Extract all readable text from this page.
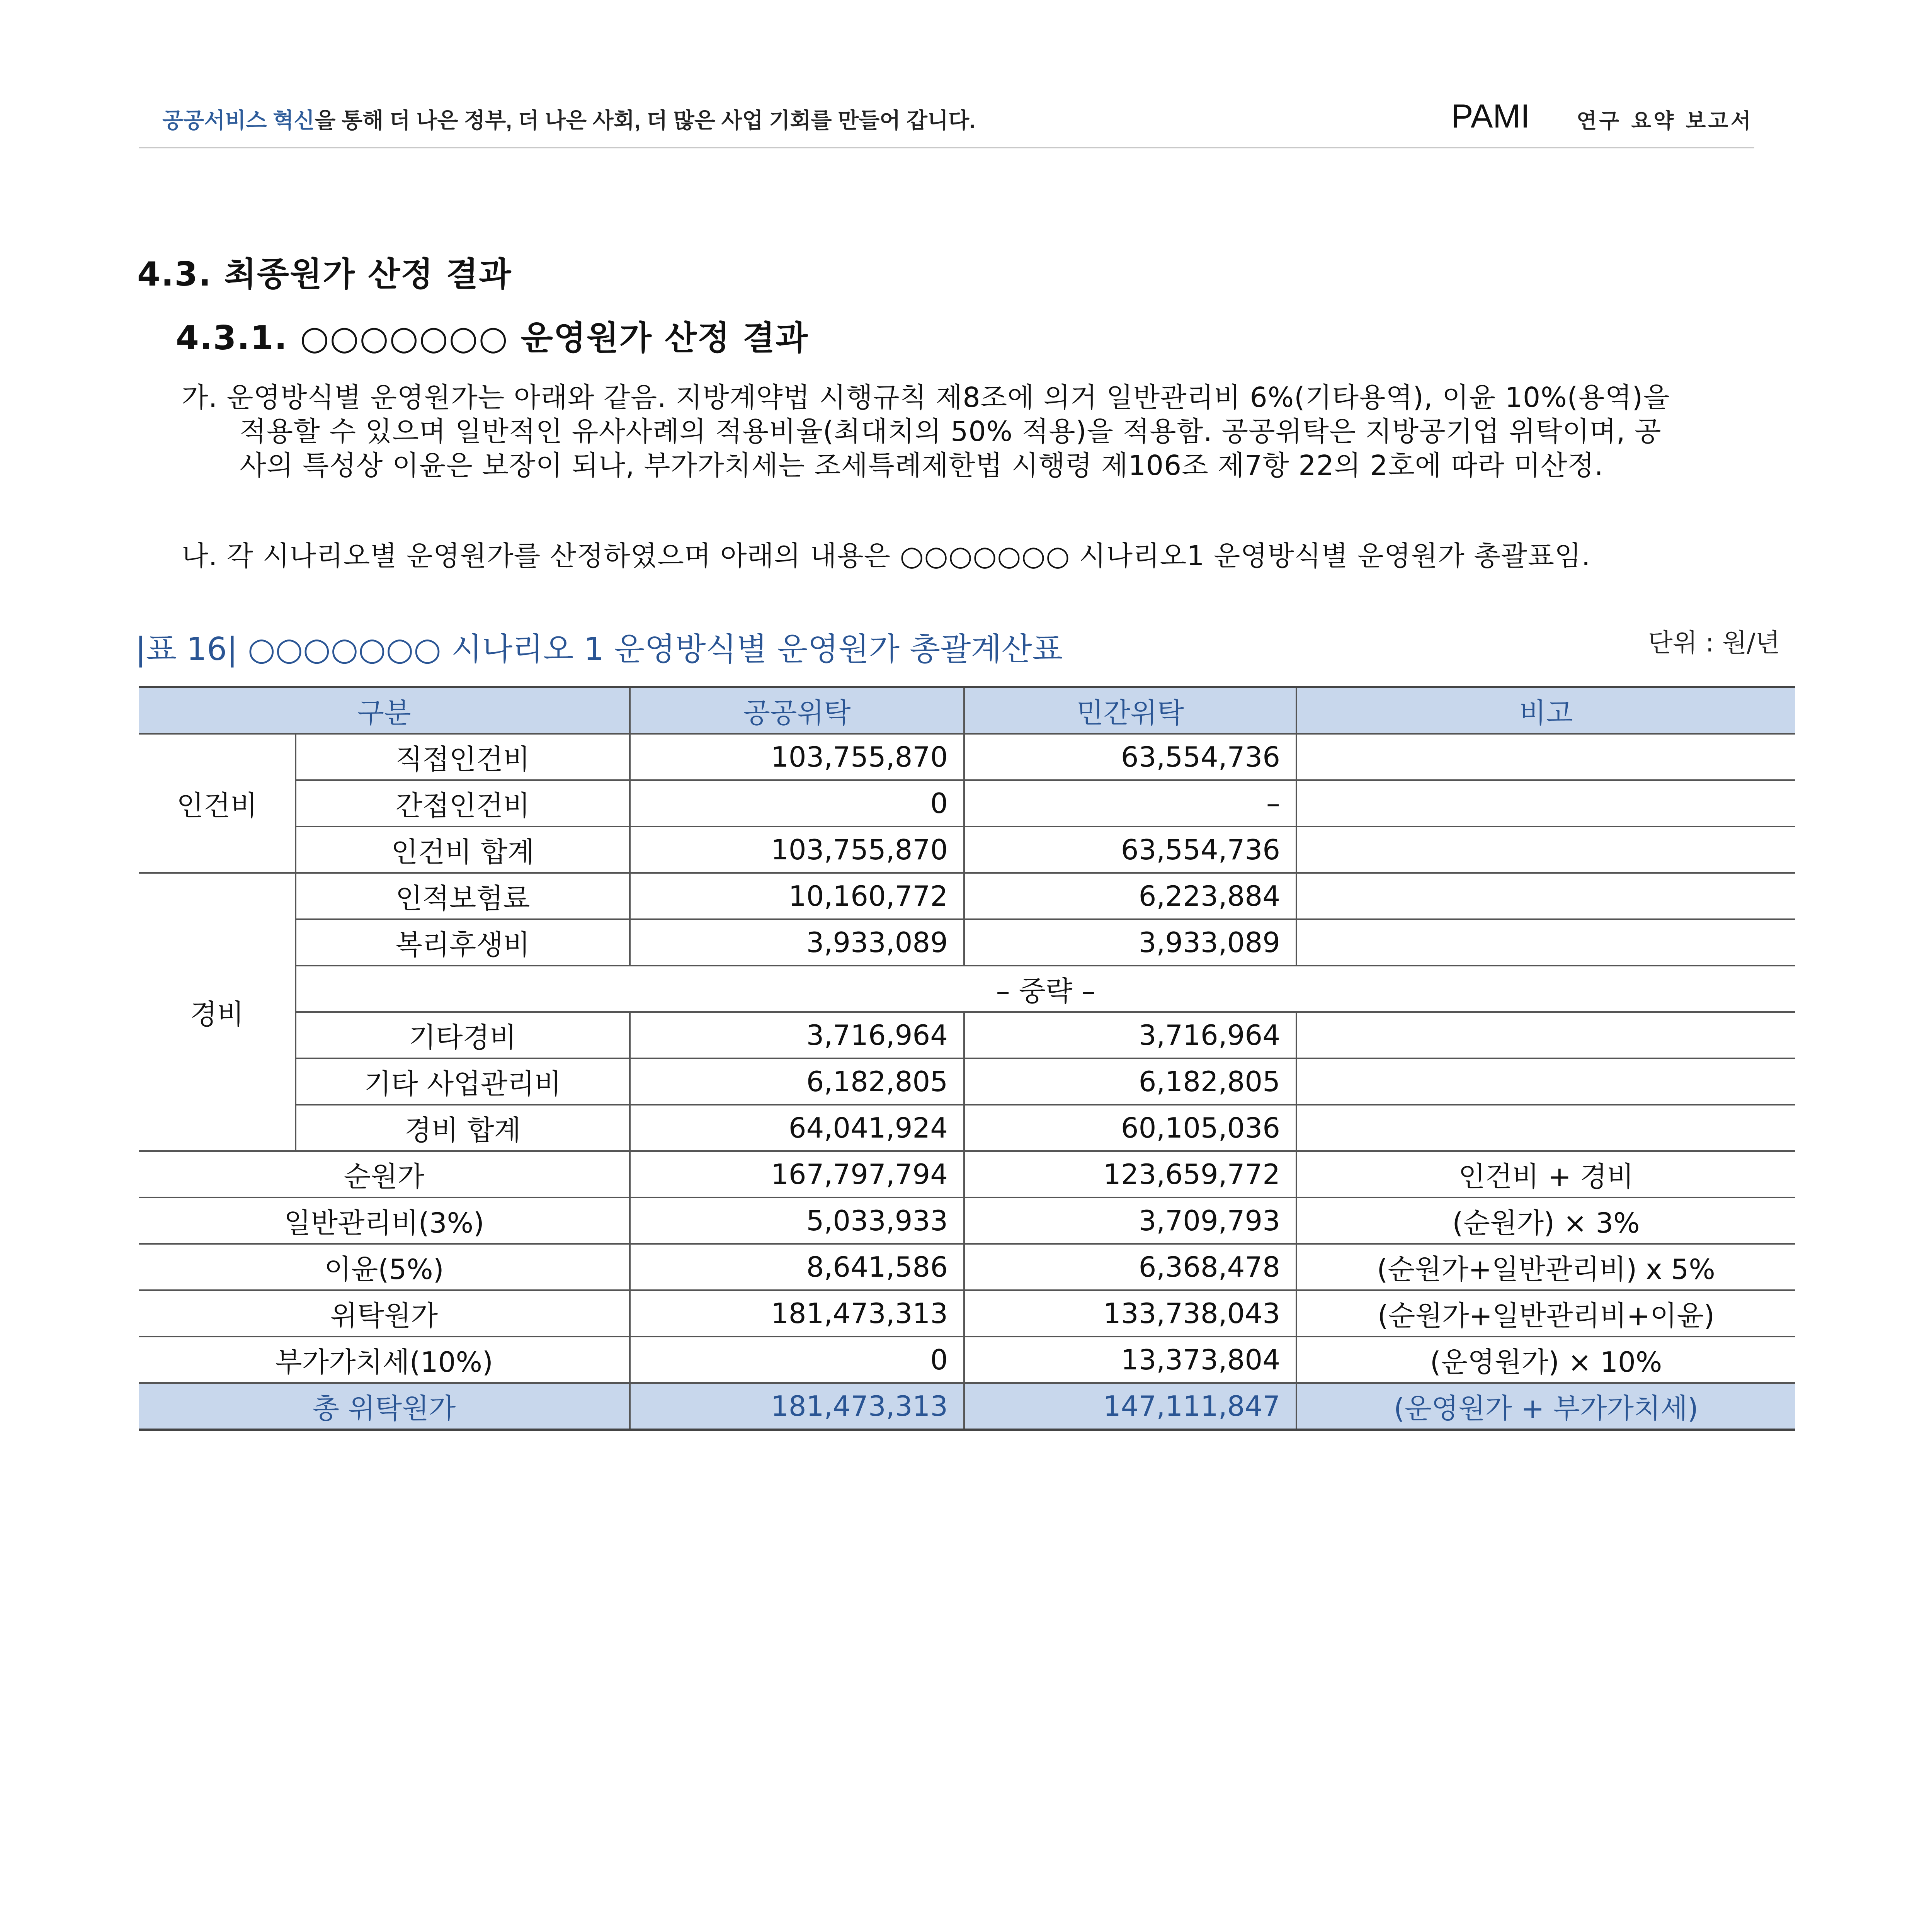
공공서비스 혁신을 통해 더 나은 정부, 더 나은 사회, 더 많은 사업 기회를 만들어 갑니다.	PAMI 연구 요약 보고서
4.3. 최종원가 산정 결과
4.3.1. ○○○○○○○ 운영원가 산정 결과
가. 운영방식별 운영원가는 아래와 같음. 지방계약법 시행규칙 제8조에 의거 일반관리비 6%(기타용역), 이윤 10%(용역)을
적용할 수 있으며 일반적인 유사사례의 적용비율(최대치의 50% 적용)을 적용함. 공공위탁은 지방공기업 위탁이며, 공
사의 특성상 이윤은 보장이 되나, 부가가치세는 조세특례제한법 시행령 제106조 제7항 22의 2호에 따라 미산정.
나. 각 시나리오별 운영원가를 산정하였으며 아래의 내용은 ○○○○○○○ 시나리오1 운영방식별 운영원가 총괄표임.
|표 16| ○○○○○○○ 시나리오 1 운영방식별 운영원가 총괄계산표	단위 : 원/년
구분		공공위탁	민간위탁	비고
인건비	직접인건비	103,755,870	63,554,736	
	간접인건비	0	–	
	인건비 합계	103,755,870	63,554,736	
경비	인적보험료	10,160,772	6,223,884	
	복리후생비	3,933,089	3,933,089	
	– 중략 –			
	기타경비	3,716,964	3,716,964	
	기타 사업관리비	6,182,805	6,182,805	
	경비 합계	64,041,924	60,105,036	
순원가		167,797,794	123,659,772	인건비 + 경비
일반관리비(3%)		5,033,933	3,709,793	(순원가) × 3%
이윤(5%)		8,641,586	6,368,478	(순원가+일반관리비) x 5%
위탁원가		181,473,313	133,738,043	(순원가+일반관리비+이윤)
부가가치세(10%)		0	13,373,804	(운영원가) × 10%
총 위탁원가		181,473,313	147,111,847	(운영원가 + 부가가치세)
